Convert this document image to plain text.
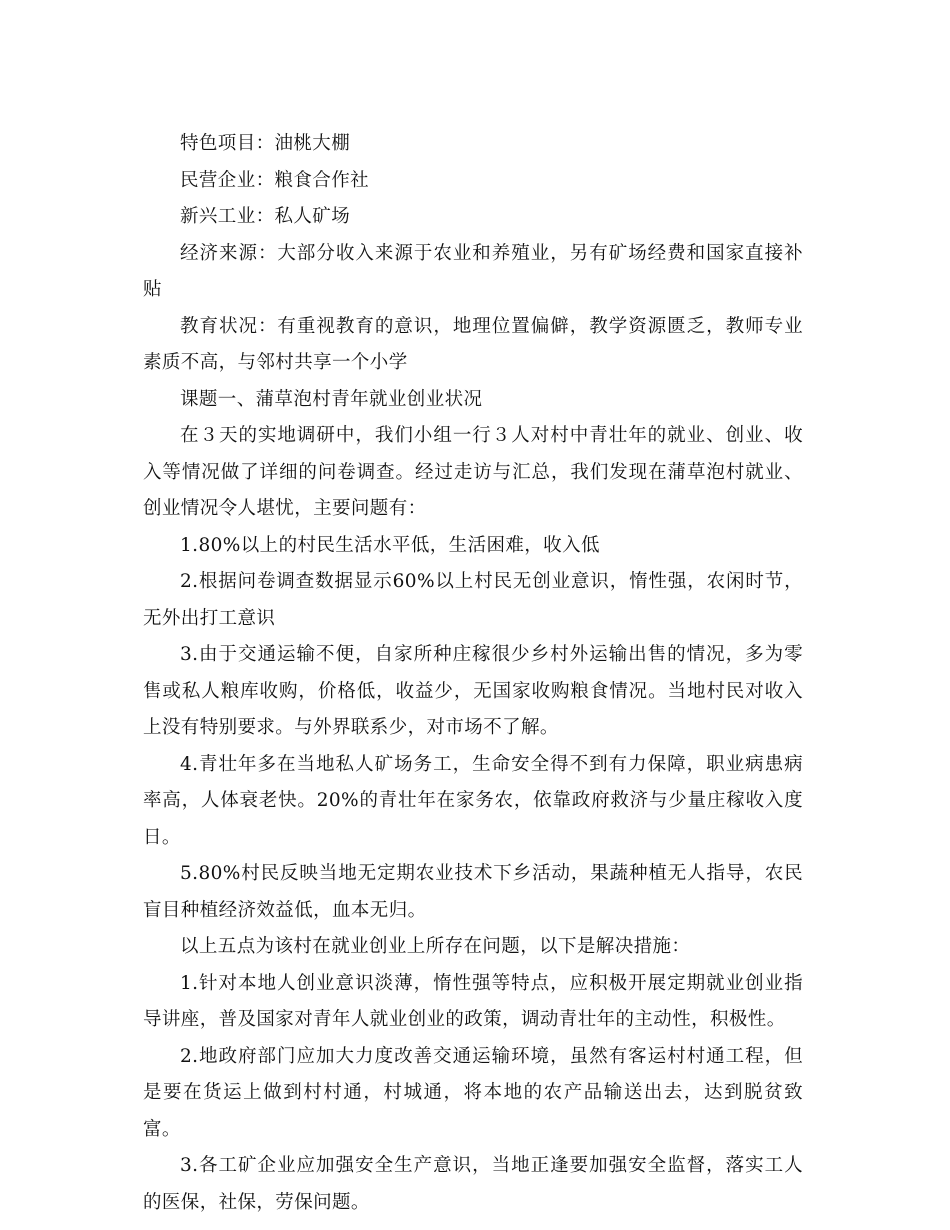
特色项目：油桃大棚

民营企业：粮食合作社

新兴工业：私人矿场

经济来源：大部分收入来源于农业和养殖业，另有矿场经费和国家直接补贴

教育状况：有重视教育的意识，地理位置偏僻，教学资源匮乏，教师专业素质不高，与邻村共享一个小学

课题一、蒲草泡村青年就业创业状况

在３天的实地调研中，我们小组一行３人对村中青壮年的就业、创业、收入等情况做了详细的问卷调查。经过走访与汇总，我们发现在蒲草泡村就业、创业情况令人堪忧，主要问题有：

1.80%以上的村民生活水平低，生活困难，收入低

2.根据问卷调查数据显示60%以上村民无创业意识，惰性强，农闲时节，无外出打工意识

3.由于交通运输不便，自家所种庄稼很少乡村外运输出售的情况，多为零售或私人粮库收购，价格低，收益少，无国家收购粮食情况。当地村民对收入上没有特别要求。与外界联系少，对市场不了解。

4.青壮年多在当地私人矿场务工，生命安全得不到有力保障，职业病患病率高，人体衰老快。20%的青壮年在家务农，依靠政府救济与少量庄稼收入度日。

5.80%村民反映当地无定期农业技术下乡活动，果蔬种植无人指导，农民盲目种植经济效益低，血本无归。

以上五点为该村在就业创业上所存在问题，以下是解决措施：

1.针对本地人创业意识淡薄，惰性强等特点，应积极开展定期就业创业指导讲座，普及国家对青年人就业创业的政策，调动青壮年的主动性，积极性。

2.地政府部门应加大力度改善交通运输环境，虽然有客运村村通工程，但是要在货运上做到村村通，村城通，将本地的农产品输送出去，达到脱贫致富。

3.各工矿企业应加强安全生产意识，当地正逢要加强安全监督，落实工人的医保，社保，劳保问题。
